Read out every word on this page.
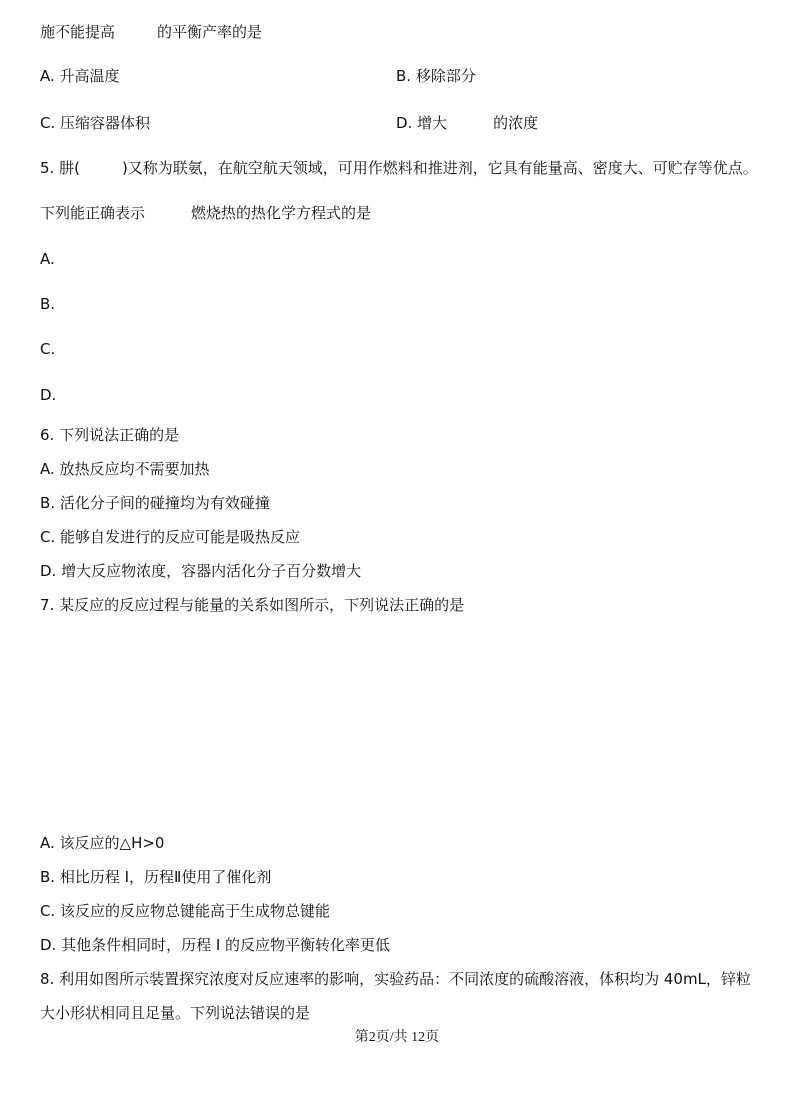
施不能提高	的平衡产率的是
A. 升高温度	B. 移除部分
C. 压缩容器体积	D. 增大	的浓度
5. 肼(	)又称为联氨，在航空航天领域，可用作燃料和推进剂，它具有能量高、密度大、可贮存等优点。
下列能正确表示	燃烧热的热化学方程式的是
A.
B.
C.
D.
6. 下列说法正确的是
A. 放热反应均不需要加热
B. 活化分子间的碰撞均为有效碰撞
C. 能够自发进行的反应可能是吸热反应
D. 增大反应物浓度，容器内活化分子百分数增大
7. 某反应的反应过程与能量的关系如图所示，下列说法正确的是
A. 该反应的△H>0
B. 相比历程 I，历程Ⅱ使用了催化剂
C. 该反应的反应物总键能高于生成物总键能
D. 其他条件相同时，历程 I 的反应物平衡转化率更低
8. 利用如图所示装置探究浓度对反应速率的影响，实验药品：不同浓度的硫酸溶液，体积均为 40mL，锌粒
大小形状相同且足量。下列说法错误的是
第2页/共 12页
